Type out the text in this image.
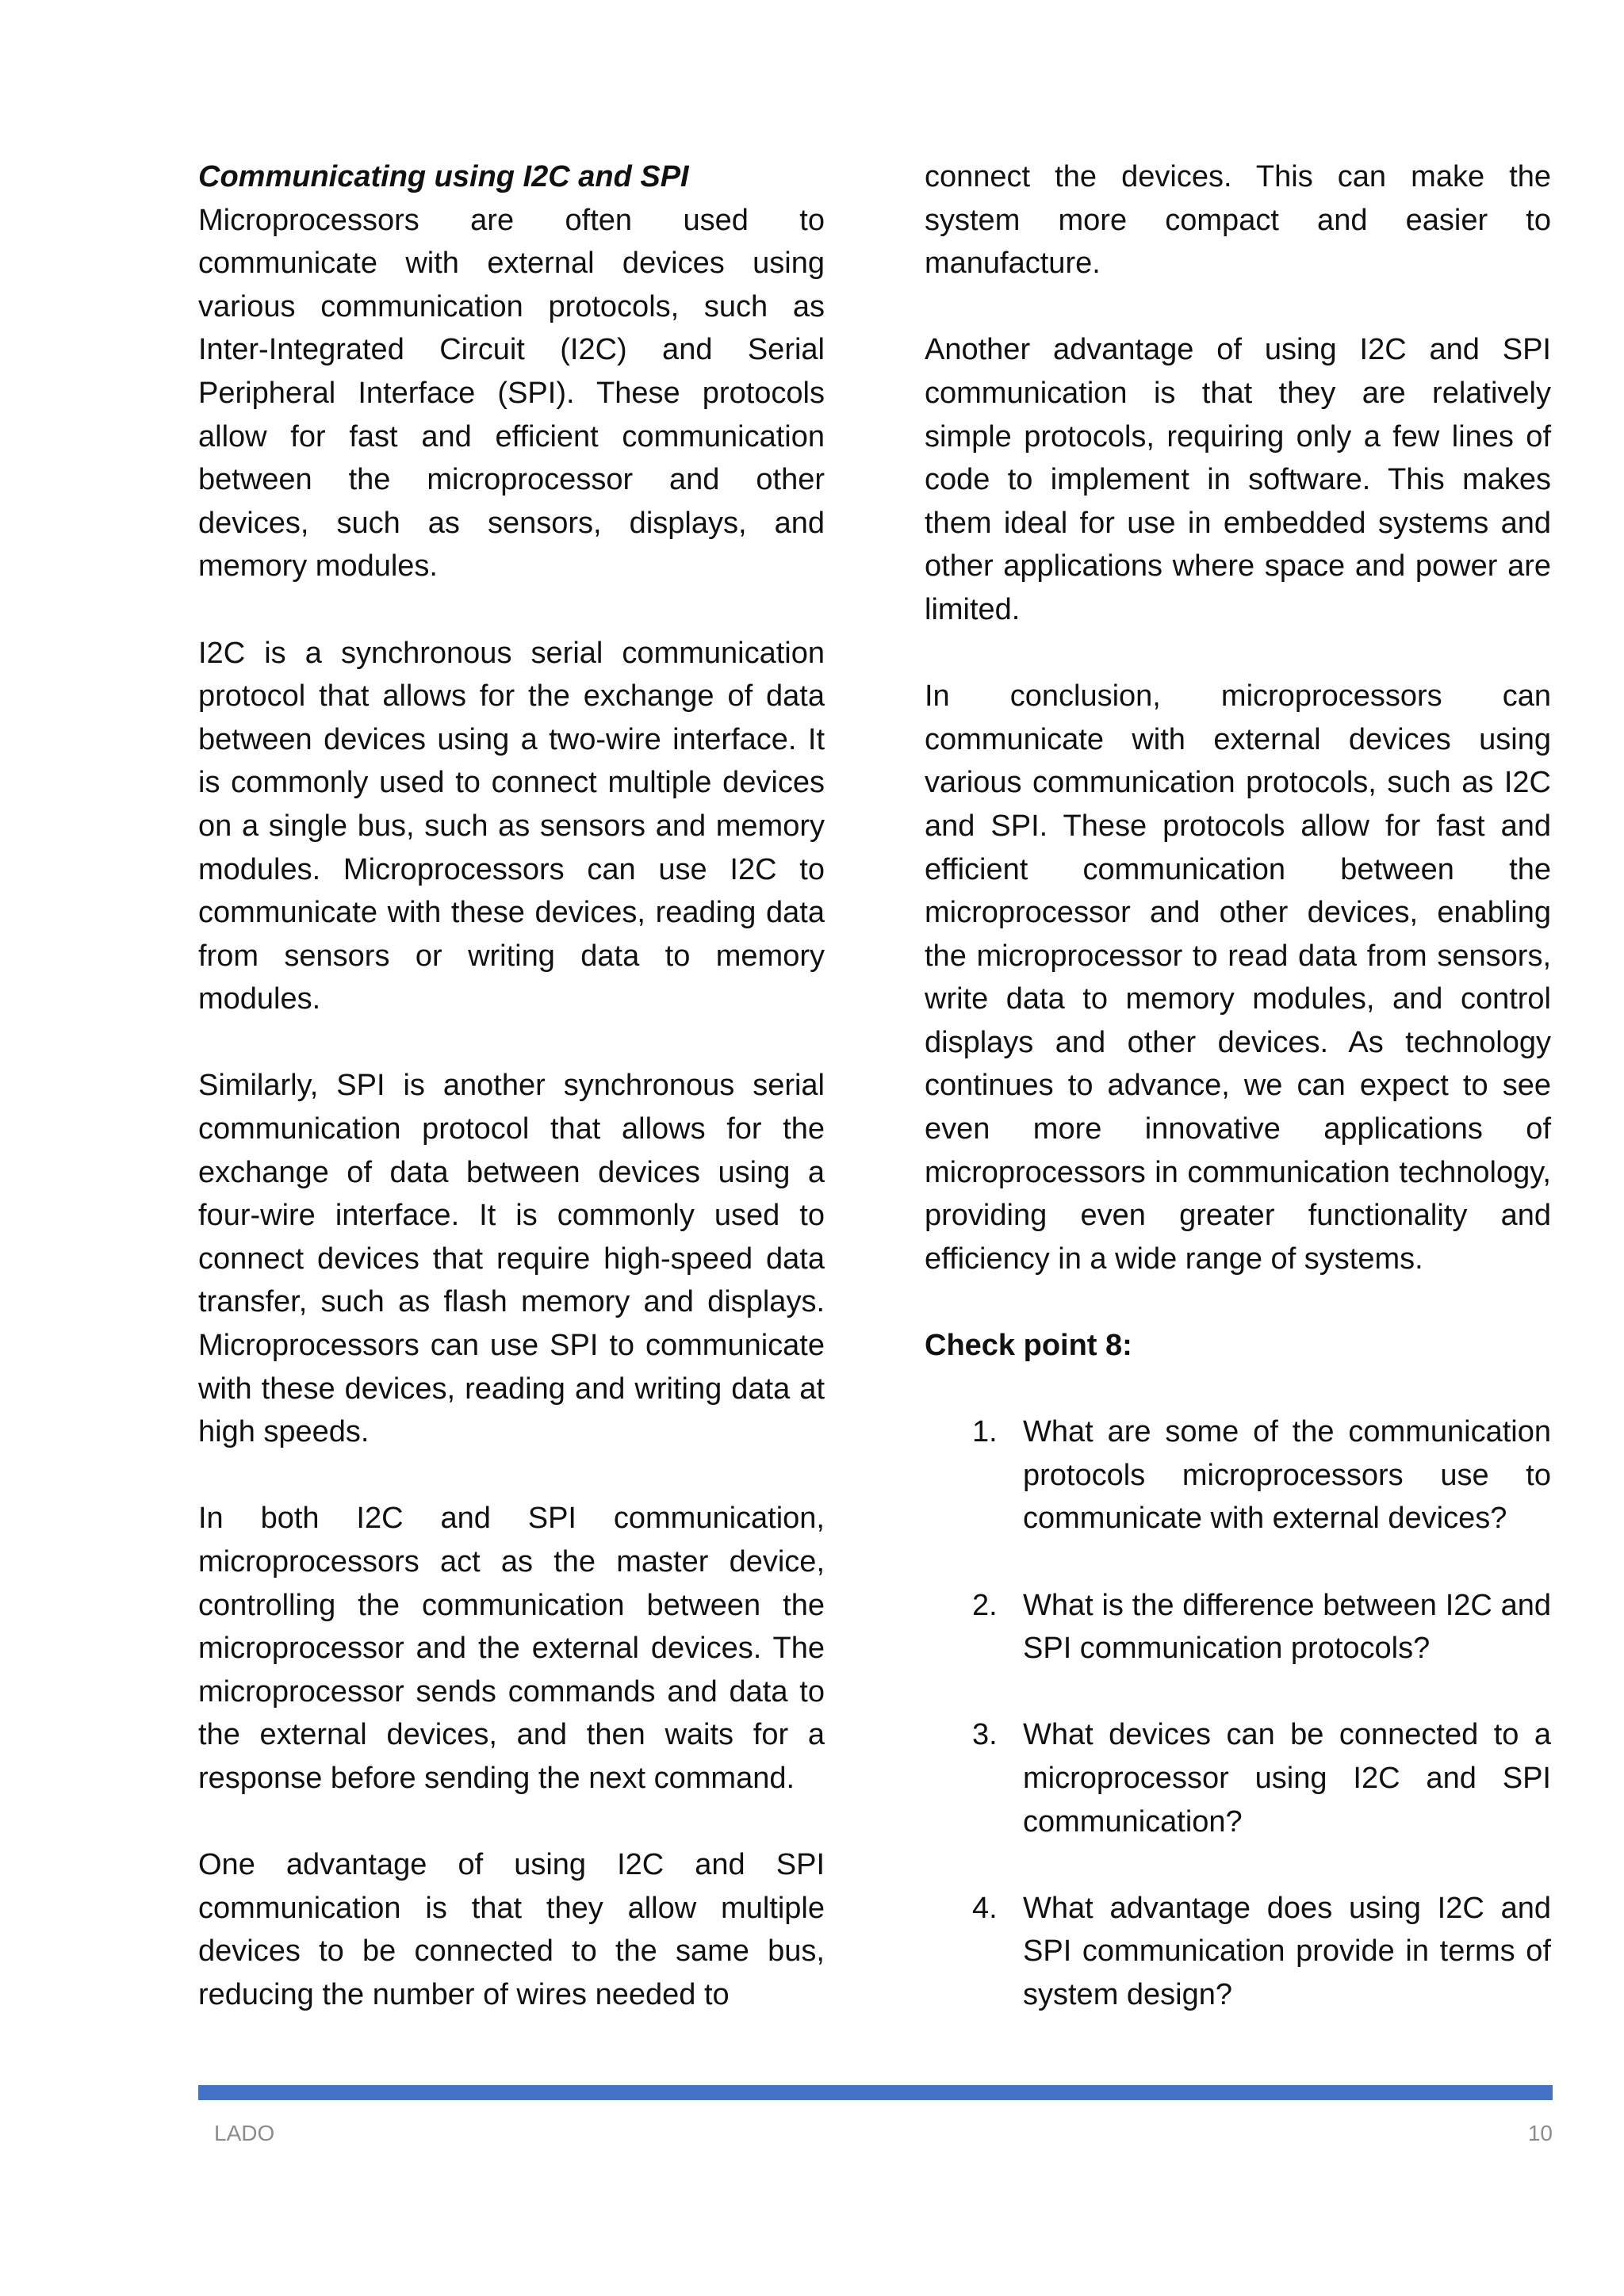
Communicating using I2C and SPI
Microprocessors are often used to communicate with external devices using various communication protocols, such as Inter-Integrated Circuit (I2C) and Serial Peripheral Interface (SPI). These protocols allow for fast and efficient communication between the microprocessor and other devices, such as sensors, displays, and memory modules.

I2C is a synchronous serial communication protocol that allows for the exchange of data between devices using a two-wire interface. It is commonly used to connect multiple devices on a single bus, such as sensors and memory modules. Microprocessors can use I2C to communicate with these devices, reading data from sensors or writing data to memory modules.

Similarly, SPI is another synchronous serial communication protocol that allows for the exchange of data between devices using a four-wire interface. It is commonly used to connect devices that require high-speed data transfer, such as flash memory and displays. Microprocessors can use SPI to communicate with these devices, reading and writing data at high speeds.

In both I2C and SPI communication, microprocessors act as the master device, controlling the communication between the microprocessor and the external devices. The microprocessor sends commands and data to the external devices, and then waits for a response before sending the next command.

One advantage of using I2C and SPI communication is that they allow multiple devices to be connected to the same bus, reducing the number of wires needed to

connect the devices. This can make the system more compact and easier to manufacture.

Another advantage of using I2C and SPI communication is that they are relatively simple protocols, requiring only a few lines of code to implement in software. This makes them ideal for use in embedded systems and other applications where space and power are limited.

In conclusion, microprocessors can communicate with external devices using various communication protocols, such as I2C and SPI. These protocols allow for fast and efficient communication between the microprocessor and other devices, enabling the microprocessor to read data from sensors, write data to memory modules, and control displays and other devices. As technology continues to advance, we can expect to see even more innovative applications of microprocessors in communication technology, providing even greater functionality and efficiency in a wide range of systems.

Check point 8:

1. What are some of the communication protocols microprocessors use to communicate with external devices?
2. What is the difference between I2C and SPI communication protocols?
3. What devices can be connected to a microprocessor using I2C and SPI communication?
4. What advantage does using I2C and SPI communication provide in terms of system design?
LADO	10
